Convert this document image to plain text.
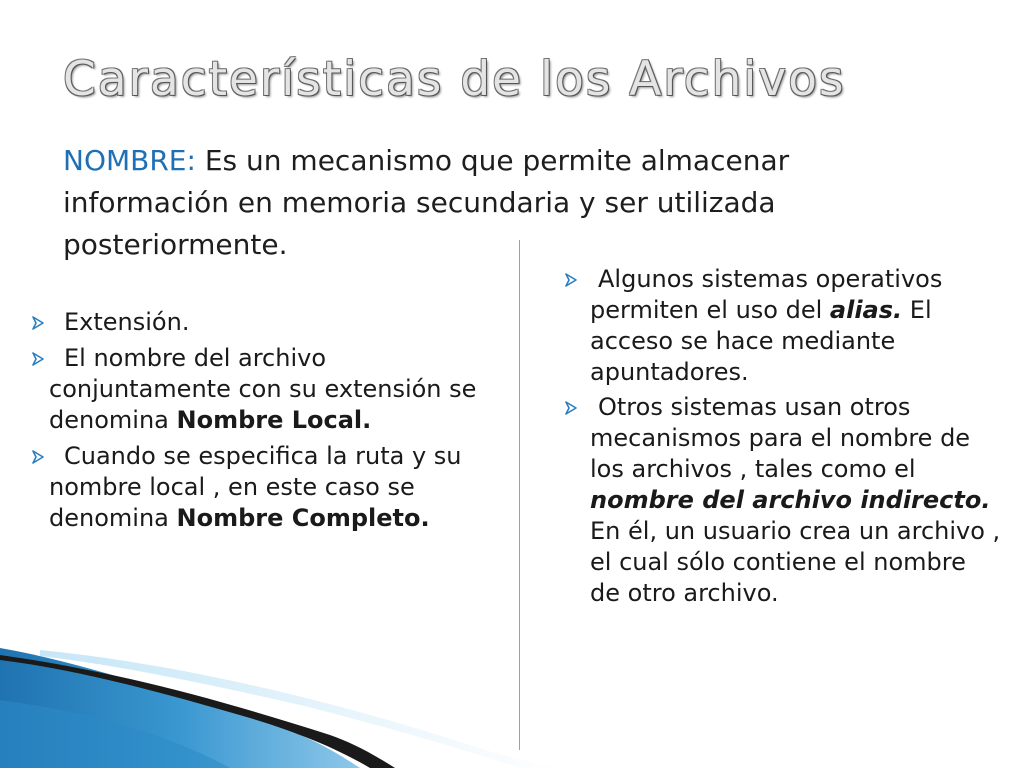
Características de los Archivos

NOMBRE: Es un mecanismo que permite almacenar información en memoria secundaria y ser utilizada posteriormente.

Extensión.
El nombre del archivo conjuntamente con su extensión se denomina Nombre Local.
Cuando se especifica la ruta y su nombre local , en este caso se denomina Nombre Completo.
Algunos sistemas operativos permiten el uso del alias. El acceso se hace mediante apuntadores.
Otros sistemas usan otros mecanismos para el nombre de los archivos , tales como el nombre del archivo indirecto. En él, un usuario crea un archivo , el cual sólo contiene el nombre de otro archivo.
